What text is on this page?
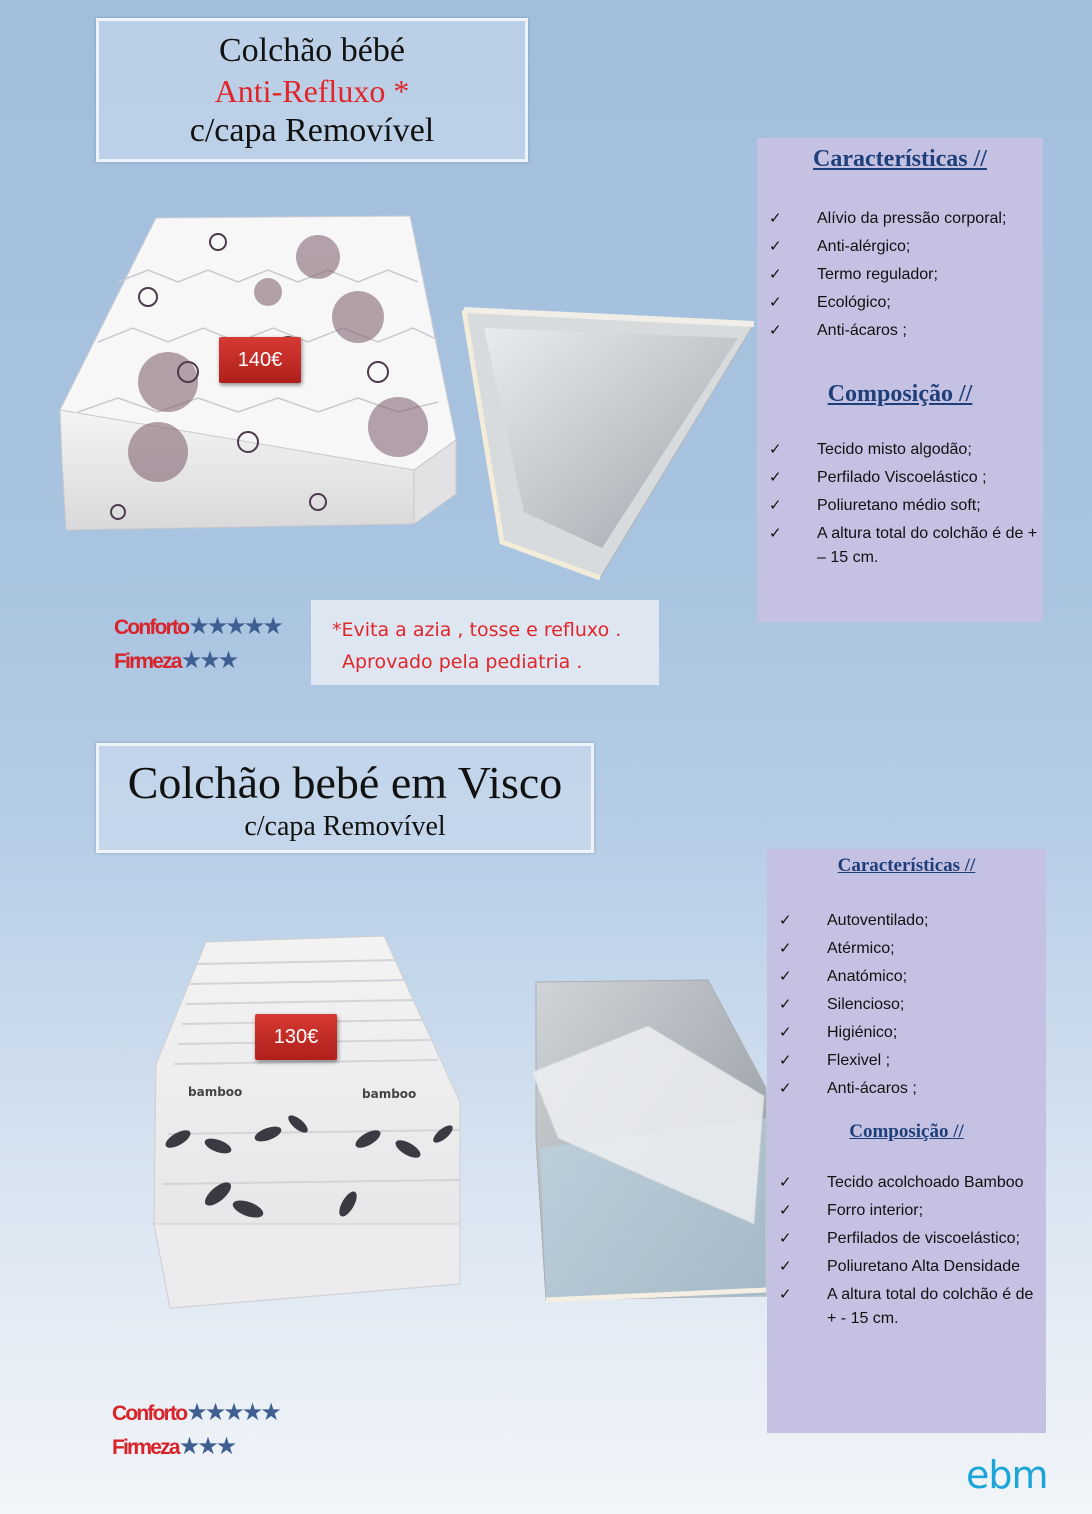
Colchão bébé
Anti-Refluxo *
c/capa Removível
140€
Conforto★★★★★
Firmeza★★★
*Evita a azia , tosse e refluxo .
Aprovado pela pediatria .
Características //
✓ Alívio da pressão corporal;
✓ Anti-alérgico;
✓ Termo regulador;
✓ Ecológico;
✓ Anti-ácaros ;
Composição //
✓ Tecido misto algodão;
✓ Perfilado Viscoelástico ;
✓ Poliuretano médio soft;
✓ A altura total do colchão é de + – 15 cm.
Colchão bebé em Visco
c/capa Removível
bamboo	bamboo
130€
Conforto★★★★★
Firmeza★★★
Características //
✓ Autoventilado;
✓ Atérmico;
✓ Anatómico;
✓ Silencioso;
✓ Higiénico;
✓ Flexivel ;
✓ Anti-ácaros ;
Composição //
✓ Tecido acolchoado Bamboo
✓ Forro interior;
✓ Perfilados de viscoelástico;
✓ Poliuretano Alta Densidade
✓ A altura total do colchão é de + - 15 cm.
ebm
